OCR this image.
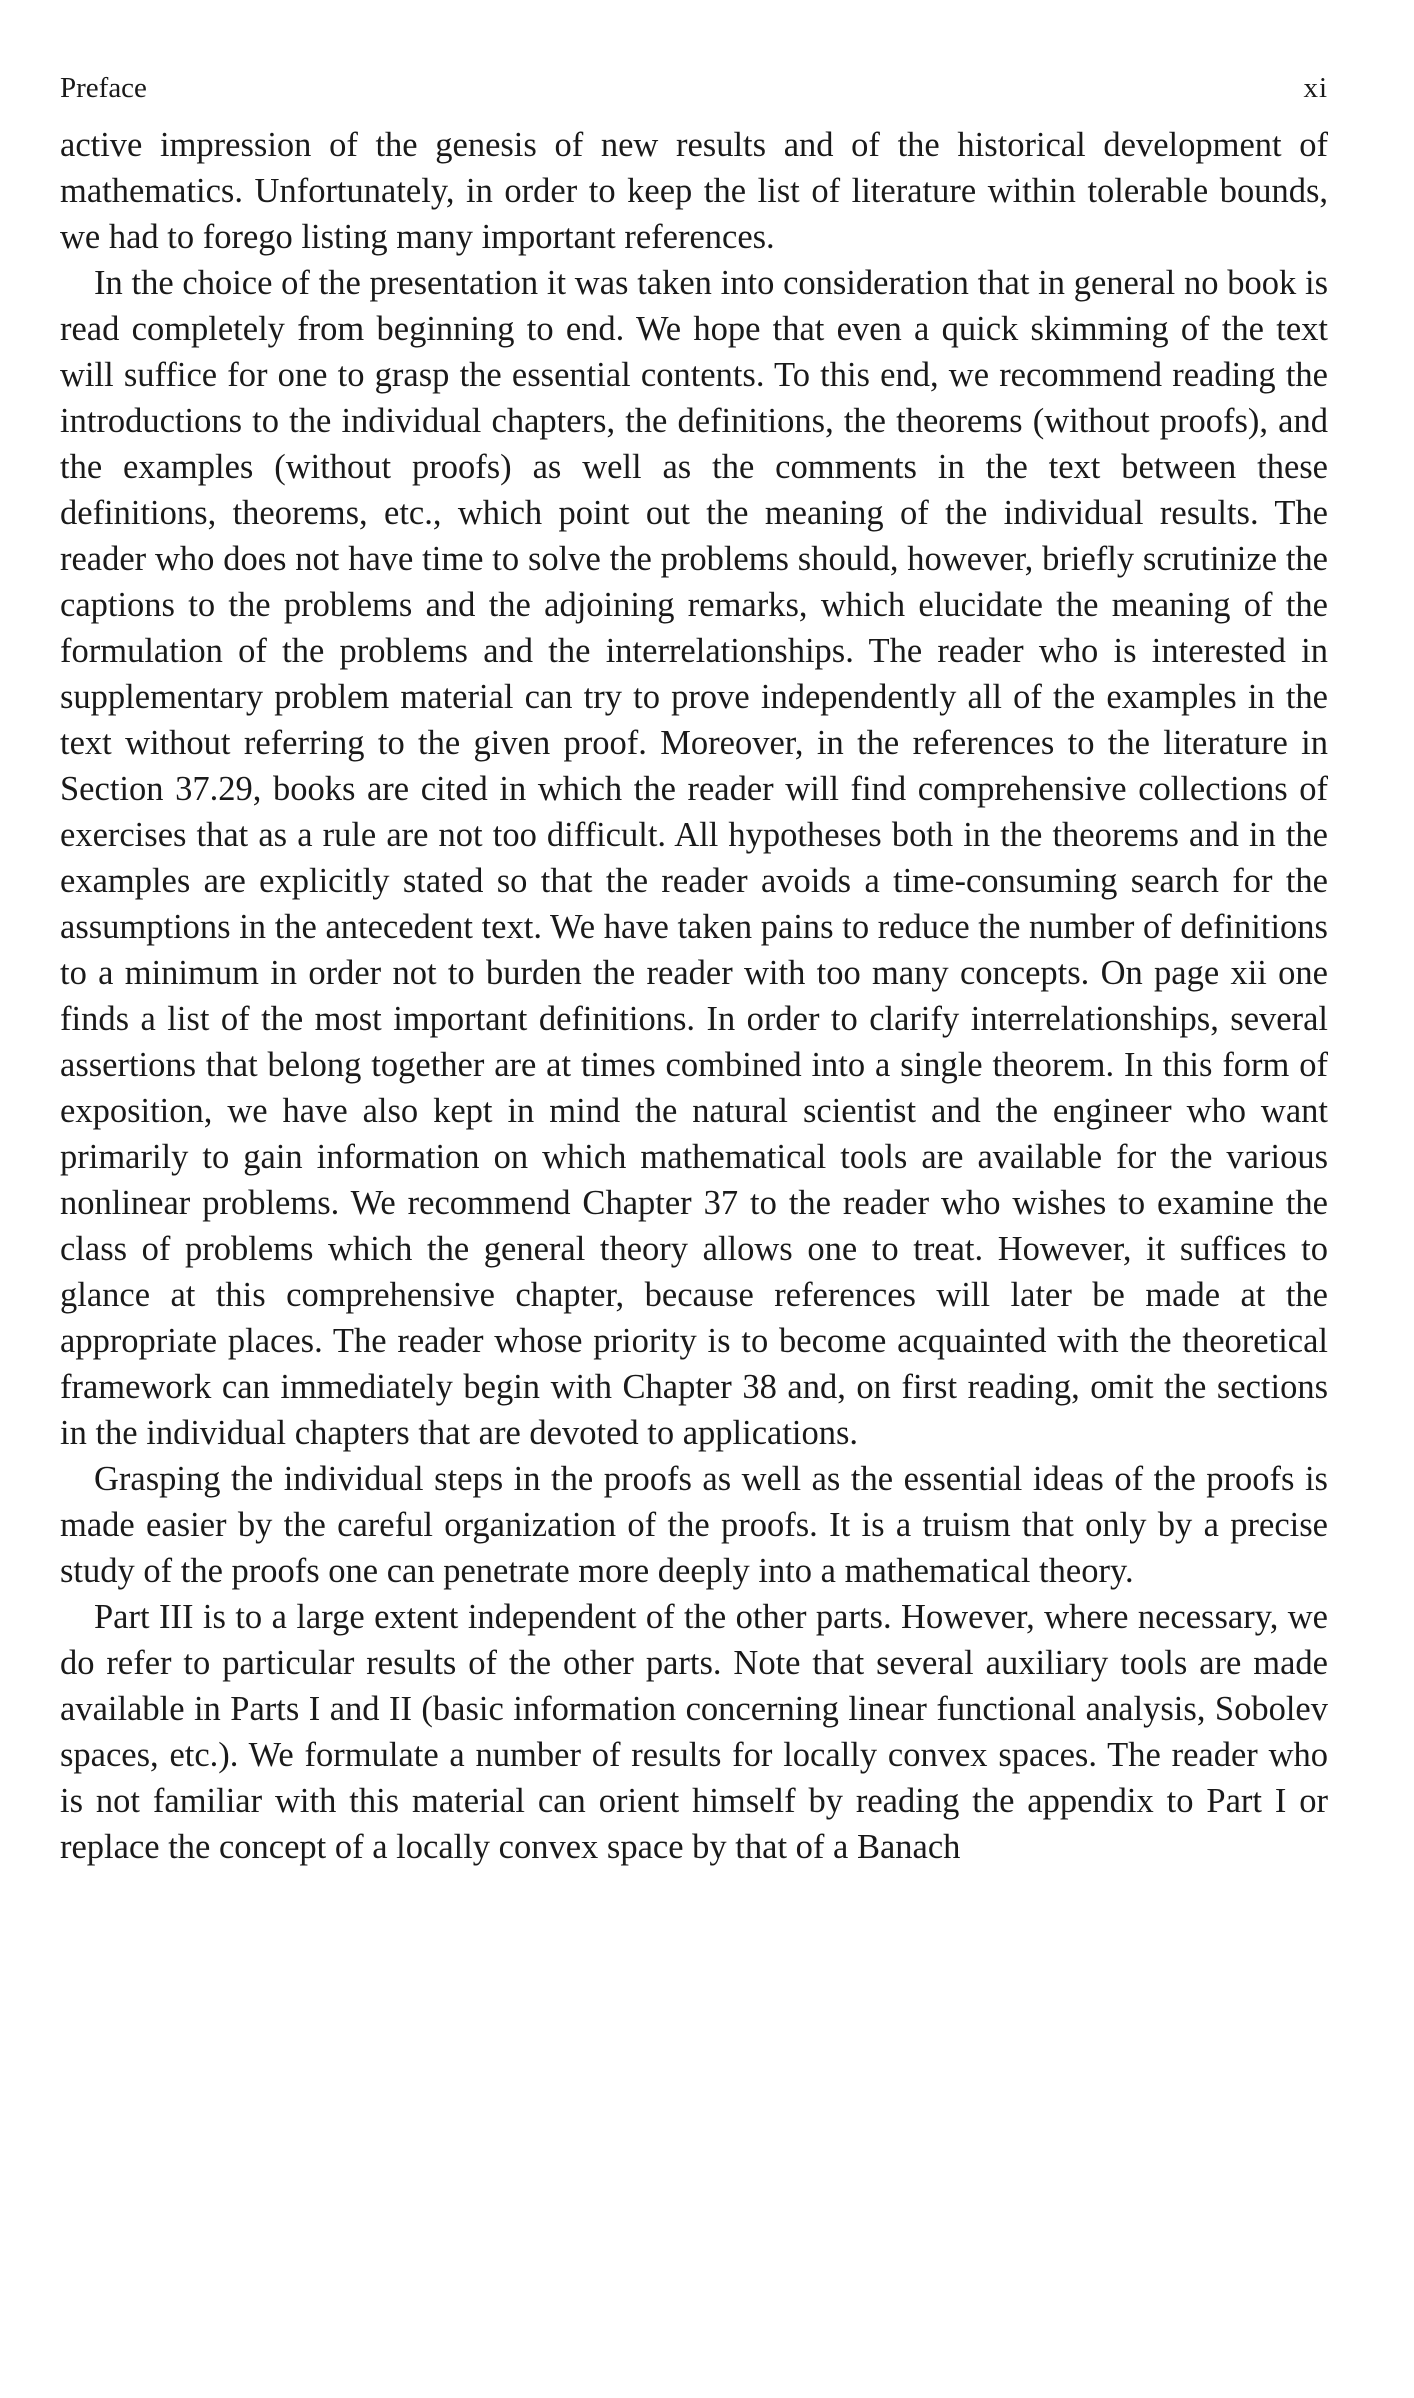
Preface	xi

active impression of the genesis of new results and of the historical development of mathematics. Unfortunately, in order to keep the list of literature within tolerable bounds, we had to forego listing many important references.

In the choice of the presentation it was taken into consideration that in general no book is read completely from beginning to end. We hope that even a quick skimming of the text will suffice for one to grasp the essential contents. To this end, we recommend reading the introductions to the individual chapters, the definitions, the theorems (without proofs), and the examples (without proofs) as well as the comments in the text between these definitions, theorems, etc., which point out the meaning of the individual results. The reader who does not have time to solve the problems should, however, briefly scrutinize the captions to the problems and the adjoining remarks, which elucidate the meaning of the formulation of the problems and the interrelationships. The reader who is interested in supplementary problem material can try to prove independently all of the examples in the text without referring to the given proof. Moreover, in the references to the literature in Section 37.29, books are cited in which the reader will find comprehensive collections of exercises that as a rule are not too difficult. All hypotheses both in the theorems and in the examples are explicitly stated so that the reader avoids a time-consuming search for the assumptions in the antecedent text. We have taken pains to reduce the number of definitions to a minimum in order not to burden the reader with too many concepts. On page xii one finds a list of the most important definitions. In order to clarify interrelationships, several assertions that belong together are at times combined into a single theorem. In this form of exposition, we have also kept in mind the natural scientist and the engineer who want primarily to gain information on which mathematical tools are available for the various nonlinear problems. We recommend Chapter 37 to the reader who wishes to examine the class of problems which the general theory allows one to treat. However, it suffices to glance at this comprehensive chapter, because references will later be made at the appropriate places. The reader whose priority is to become acquainted with the theoretical framework can immediately begin with Chapter 38 and, on first reading, omit the sections in the individual chapters that are devoted to applications.

Grasping the individual steps in the proofs as well as the essential ideas of the proofs is made easier by the careful organization of the proofs. It is a truism that only by a precise study of the proofs one can penetrate more deeply into a mathematical theory.

Part III is to a large extent independent of the other parts. However, where necessary, we do refer to particular results of the other parts. Note that several auxiliary tools are made available in Parts I and II (basic information concerning linear functional analysis, Sobolev spaces, etc.). We formulate a number of results for locally convex spaces. The reader who is not familiar with this material can orient himself by reading the appendix to Part I or replace the concept of a locally convex space by that of a Banach
